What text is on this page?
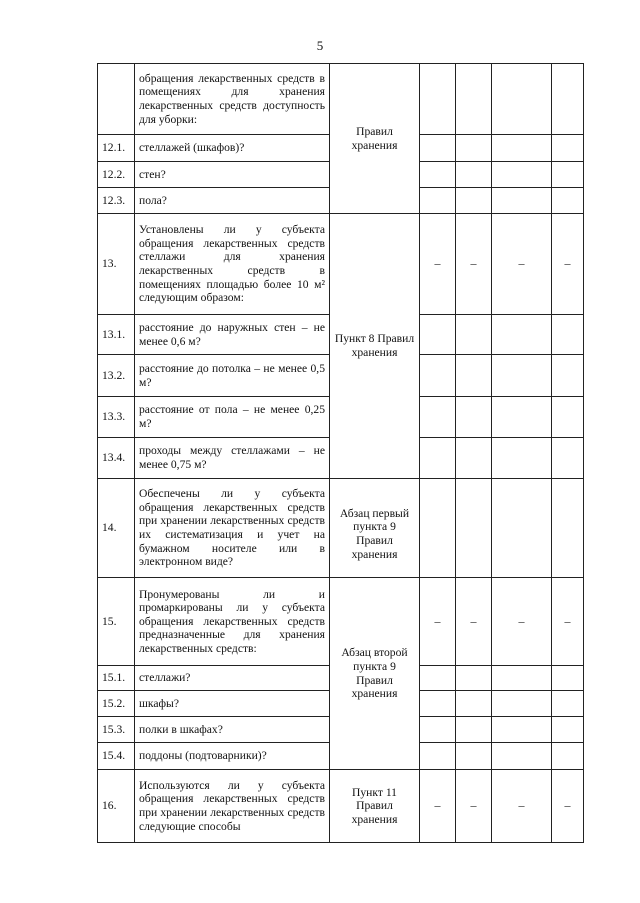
5
	обращения лекарственных средств в помещениях для хранения лекарственных средств доступность для уборки:	Правил хранения				
12.1.	стеллажей (шкафов)?					
12.2.	стен?					
12.3.	пола?					
13.	Установлены ли у субъекта обращения лекарственных средств стеллажи для хранения лекарственных средств в помещениях площадью более 10 м² следующим образом:	Пункт 8 Правил хранения	–	–	–	–
13.1.	расстояние до наружных стен – не менее 0,6 м?					
13.2.	расстояние до потолка – не менее 0,5 м?					
13.3.	расстояние от пола – не менее 0,25 м?					
13.4.	проходы между стеллажами – не менее 0,75 м?					
14.	Обеспечены ли у субъекта обращения лекарственных средств при хранении лекарственных средств их систематизация и учет на бумажном носителе или в электронном виде?	Абзац первый пункта 9 Правил хранения				
15.	Пронумерованы ли и промаркированы ли у субъекта обращения лекарственных средств предназначенные для хранения лекарственных средств:	Абзац второй пункта 9 Правил хранения	–	–	–	–
15.1.	стеллажи?					
15.2.	шкафы?					
15.3.	полки в шкафах?					
15.4.	поддоны (подтоварники)?					
16.	Используются ли у субъекта обращения лекарственных средств при хранении лекарственных средств следующие способы	Пункт 11 Правил хранения	–	–	–	–
